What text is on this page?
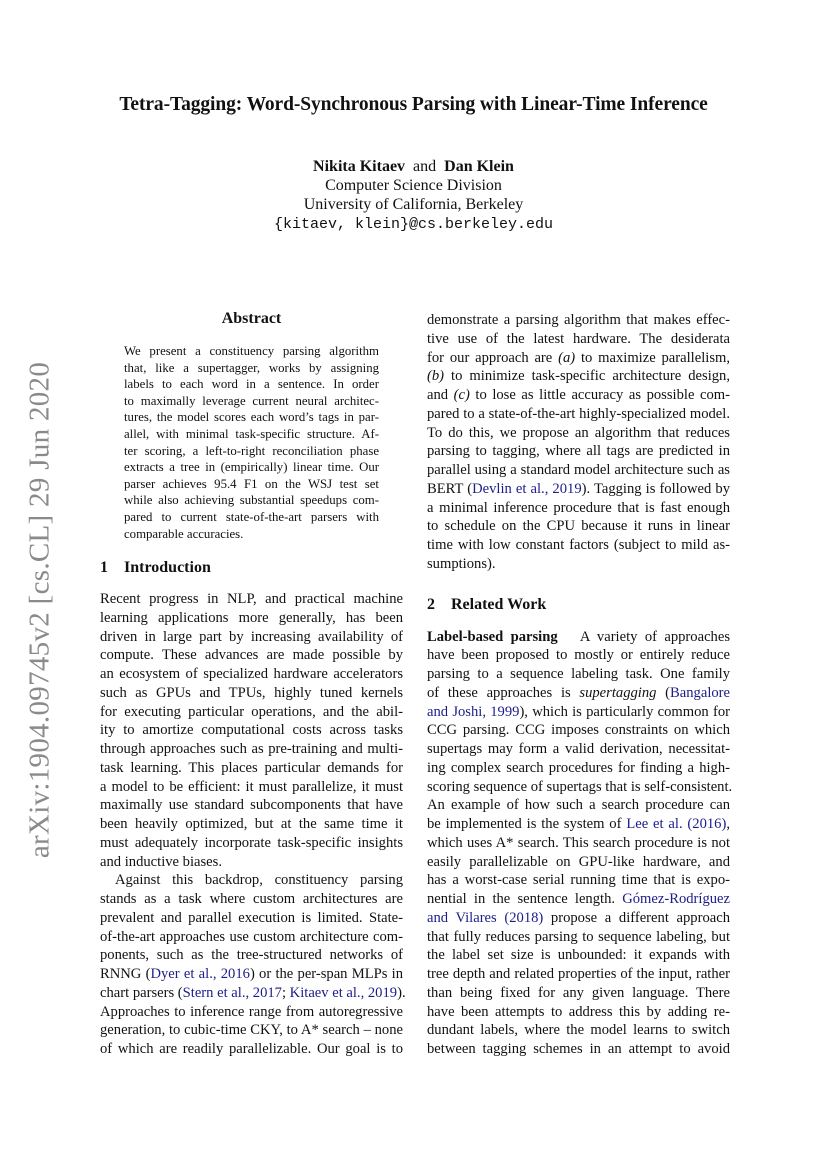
Tetra-Tagging: Word-Synchronous Parsing with Linear-Time Inference
Nikita Kitaev and Dan Klein
Computer Science Division
University of California, Berkeley
{kitaev, klein}@cs.berkeley.edu
arXiv:1904.09745v2 [cs.CL] 29 Jun 2020
Abstract
We present a constituency parsing algorithm
that, like a supertagger, works by assigning
labels to each word in a sentence. In order
to maximally leverage current neural architec-
tures, the model scores each word’s tags in par-
allel, with minimal task-specific structure. Af-
ter scoring, a left-to-right reconciliation phase
extracts a tree in (empirically) linear time. Our
parser achieves 95.4 F1 on the WSJ test set
while also achieving substantial speedups com-
pared to current state-of-the-art parsers with
comparable accuracies.
1 Introduction
Recent progress in NLP, and practical machine
learning applications more generally, has been
driven in large part by increasing availability of
compute. These advances are made possible by
an ecosystem of specialized hardware accelerators
such as GPUs and TPUs, highly tuned kernels
for executing particular operations, and the abil-
ity to amortize computational costs across tasks
through approaches such as pre-training and multi-
task learning. This places particular demands for
a model to be efficient: it must parallelize, it must
maximally use standard subcomponents that have
been heavily optimized, but at the same time it
must adequately incorporate task-specific insights
and inductive biases.
Against this backdrop, constituency parsing
stands as a task where custom architectures are
prevalent and parallel execution is limited. State-
of-the-art approaches use custom architecture com-
ponents, such as the tree-structured networks of
RNNG (Dyer et al., 2016) or the per-span MLPs in
chart parsers (Stern et al., 2017; Kitaev et al., 2019).
Approaches to inference range from autoregressive
generation, to cubic-time CKY, to A* search – none
of which are readily parallelizable. Our goal is to
demonstrate a parsing algorithm that makes effec-
tive use of the latest hardware. The desiderata
for our approach are (a) to maximize parallelism,
(b) to minimize task-specific architecture design,
and (c) to lose as little accuracy as possible com-
pared to a state-of-the-art highly-specialized model.
To do this, we propose an algorithm that reduces
parsing to tagging, where all tags are predicted in
parallel using a standard model architecture such as
BERT (Devlin et al., 2019). Tagging is followed by
a minimal inference procedure that is fast enough
to schedule on the CPU because it runs in linear
time with low constant factors (subject to mild as-
sumptions).
2 Related Work
Label-based parsing A variety of approaches
have been proposed to mostly or entirely reduce
parsing to a sequence labeling task. One family
of these approaches is supertagging (Bangalore
and Joshi, 1999), which is particularly common for
CCG parsing. CCG imposes constraints on which
supertags may form a valid derivation, necessitat-
ing complex search procedures for finding a high-
scoring sequence of supertags that is self-consistent.
An example of how such a search procedure can
be implemented is the system of Lee et al. (2016),
which uses A* search. This search procedure is not
easily parallelizable on GPU-like hardware, and
has a worst-case serial running time that is expo-
nential in the sentence length. Gómez-Rodríguez
and Vilares (2018) propose a different approach
that fully reduces parsing to sequence labeling, but
the label set size is unbounded: it expands with
tree depth and related properties of the input, rather
than being fixed for any given language. There
have been attempts to address this by adding re-
dundant labels, where the model learns to switch
between tagging schemes in an attempt to avoid
